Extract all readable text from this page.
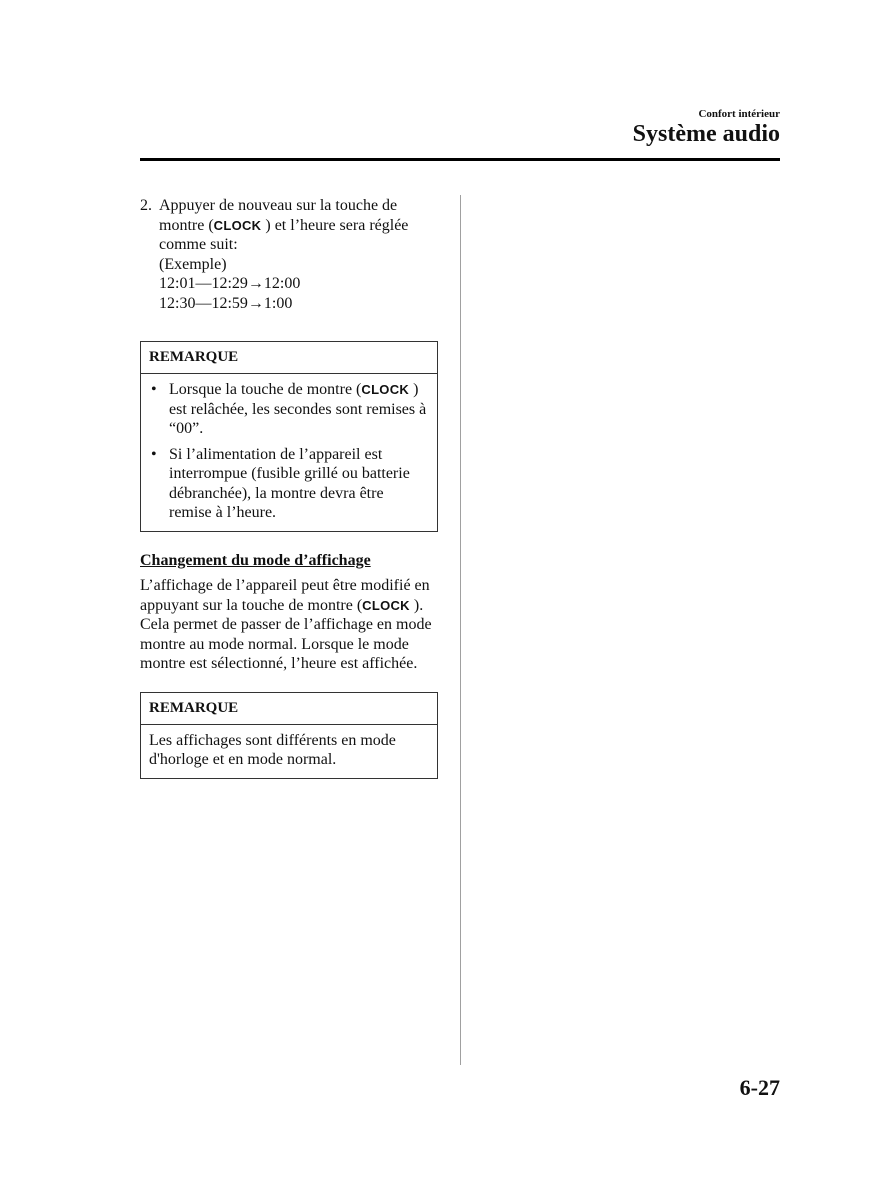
Confort intérieur
Système audio
2. Appuyer de nouveau sur la touche de montre (CLOCK ) et l’heure sera réglée comme suit:
(Exemple)
12:01—12:29→12:00
12:30—12:59→1:00
REMARQUE
• Lorsque la touche de montre (CLOCK ) est relâchée, les secondes sont remises à “00”.
• Si l’alimentation de l’appareil est interrompue (fusible grillé ou batterie débranchée), la montre devra être remise à l’heure.
Changement du mode d’affichage
L’affichage de l’appareil peut être modifié en appuyant sur la touche de montre (CLOCK ). Cela permet de passer de l’affichage en mode montre au mode normal. Lorsque le mode montre est sélectionné, l’heure est affichée.
REMARQUE
Les affichages sont différents en mode d'horloge et en mode normal.
6-27
